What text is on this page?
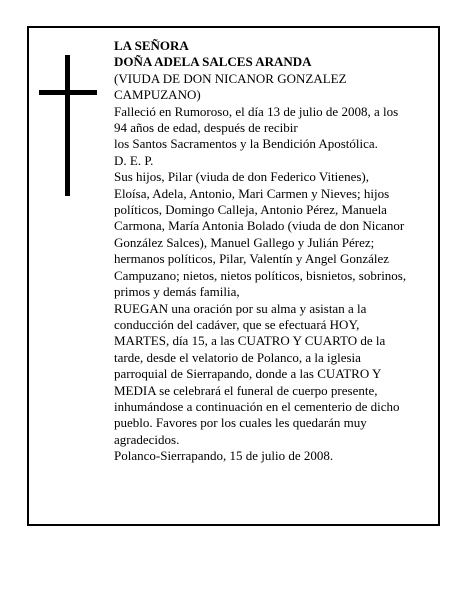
LA SEÑORA

DOÑA ADELA SALCES ARANDA

(VIUDA DE DON NICANOR GONZALEZ

CAMPUZANO)

Falleció en Rumoroso, el día 13 de julio de 2008, a los

94 años de edad, después de recibir

los Santos Sacramentos y la Bendición Apostólica.

D. E. P.

Sus hijos, Pilar (viuda de don Federico Vitienes),

Eloísa, Adela, Antonio, Mari Carmen y Nieves; hijos

políticos, Domingo Calleja, Antonio Pérez, Manuela

Carmona, María Antonia Bolado (viuda de don Nicanor

González Salces), Manuel Gallego y Julián Pérez;

hermanos políticos, Pilar, Valentín y Angel González

Campuzano; nietos, nietos políticos, bisnietos, sobrinos,

primos y demás familia,

RUEGAN una oración por su alma y asistan a la

conducción del cadáver, que se efectuará HOY,

MARTES, día 15, a las CUATRO Y CUARTO de la

tarde, desde el velatorio de Polanco, a la iglesia

parroquial de Sierrapando, donde a las CUATRO Y

MEDIA se celebrará el funeral de cuerpo presente,

inhumándose a continuación en el cementerio de dicho

pueblo. Favores por los cuales les quedarán muy

agradecidos.

Polanco-Sierrapando, 15 de julio de 2008.
